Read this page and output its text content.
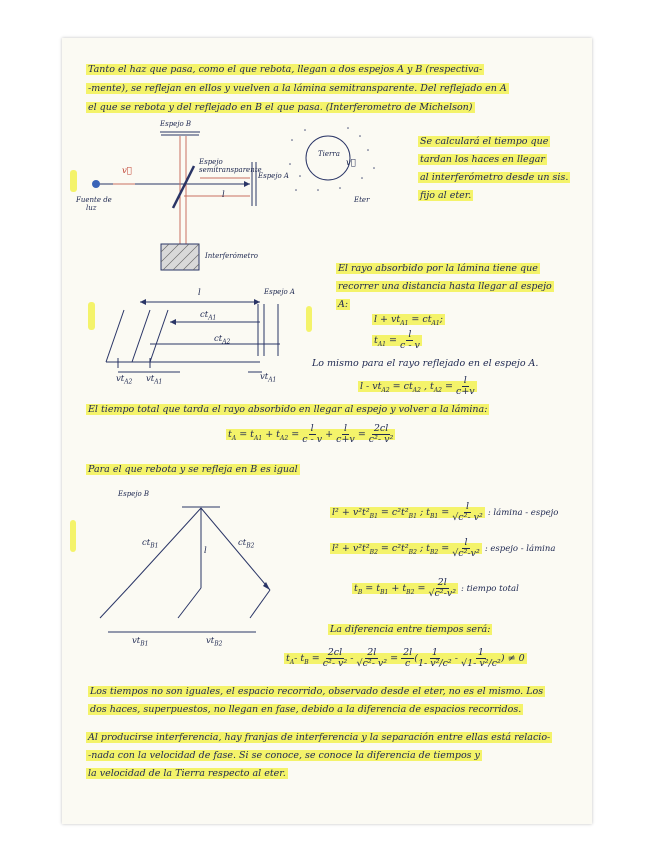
Tanto el haz que pasa, como el que rebota, llegan a dos espejos A y B (respectiva-
-mente), se reflejan en ellos y vuelven a la lámina semitransparente. Del reflejado en A
el que se rebota y del reflejado en B el que pasa. (Interferometro de Michelson)
Espejo B
Espejo
semitransparente
Espejo A
Fuente de
luz
v⃗
l
Interferómetro
Tierra
v⃗
Eter
Se calculará el tiempo que
tardan los haces en llegar
al interferómetro desde un sis.
fijo al eter.
l	Espejo A
$ct_{A1}$
$ct_{A2}$
$vt_{A2}$ $vt_{A1}$
$vt_{A1}$
El rayo absorbido por la lámina tiene que
recorrer una distancia hasta llegar al espejo
A:
$l + vt_{A1} = ct_{A1}$;
$t_{A1} = \frac{l}{c - v}$
Lo mismo para el rayo reflejado en el espejo A.
$l - vt_{A2} = ct_{A2}$ , $t_{A2} = \frac{l}{c+v}$
El tiempo total que tarda el rayo absorbido en llegar al espejo y volver a la lámina:
$t_A = t_{A1} + t_{A2} = \frac{l}{c - v} + \frac{l}{c+v} = \frac{2cl}{\text{c²- v²}}$
Para el que rebota y se refleja en B es igual
Espejo B
$ct_{B1}$	l
$ct_{B2}$
$vt_{B1}$	$vt_{B2}$
$l^2 + v^2t^2_{B1} = c^2t^2_{B1}$ ; $t_{B1} = \frac{l}{\text{√c²- v²}}$ : lámina - espejo
$l^2 + v^2t^2_{B2} = c^2t^2_{B2}$ ; $t_{B2} = \frac{l}{\text{√c²-v²}}$ : espejo - lámina
$t_B = t_{B1} + t_{B2} = \frac{2l}{\text{√c²-v²}}$ : tiempo total
La diferencia entre tiempos será:
$t_A-$ $t_B = \frac{2cl}{\text{c²- v²}} - \frac{2l}{\text{√c²- v²}} = \frac{2l}{c}$ ( $\frac{1}{\text{1- v²/c²}} - \frac{1}{\text{√1- v²/c²}}$ ) ≠ 0
Los tiempos no son iguales, el espacio recorrido, observado desde el eter, no es el mismo. Los
dos haces, superpuestos, no llegan en fase, debido a la diferencia de espacios recorridos.
Al producirse interferencia, hay franjas de interferencia y la separación entre ellas está relacio-
-nada con la velocidad de fase. Si se conoce, se conoce la diferencia de tiempos y
la velocidad de la Tierra respecto al eter.
